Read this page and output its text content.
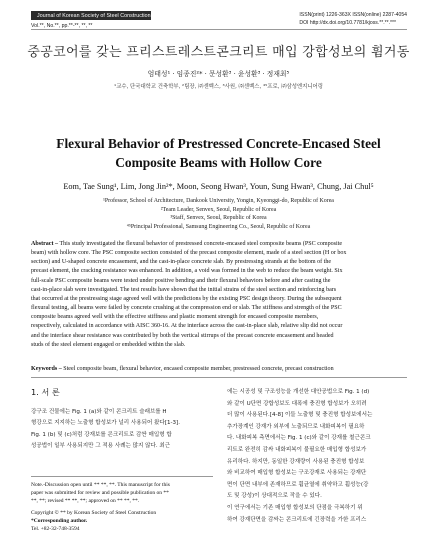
Journal of Korean Society of Steel Construction
Vol.**, No.**, pp.**-**, **, **
ISSN(print) 1226-363X ISSN(online) 2287-4054
DOI http://dx.doi.org/10.7781/kjoss.**.**.***
중공코어를 갖는 프리스트레스트콘크리트 매입 강합성보의 휨거동
엄태성¹ · 임종진²* · 문성환³ · 윤성환³ · 정재최⁵
¹교수, 단국대학교 건축학부, ²팀장, ㈜센벡스, ³사원, ㈜센벡스, ⁴⁵프로, ㈜삼성엔지니어링
Flexural Behavior of Prestressed Concrete-Encased Steel Composite Beams with Hollow Core
Eom, Tae Sung¹, Lim, Jong Jin²*, Moon, Seong Hwan³, Youn, Sung Hwan³, Chung, Jai Chul⁵
¹Professor, School of Architecture, Dankook University, Yongin, Kyeonggi-do, Republic of Korea
²Team Leader, Senvex, Seoul, Republic of Korea
³Staff, Senvex, Seoul, Republic of Korea
⁴⁵Principal Professional, Samsung Engineering Co., Seoul, Republic of Korea
Abstract – This study investigated the flexural behavior of prestressed concrete-encased steel composite beams (PSC composite
beam) with hollow core. The PSC composite section consisted of the precast composite element, made of a steel section (H or box
section) and U-shaped concrete encasement, and the cast-in-place concrete slab. By prestressing strands at the bottom of the
precast element, the cracking resistance was enhanced. In addition, a void was formed in the web to reduce the beam weight. Six
full-scale PSC composite beams were tested under positive bending and their flexural behaviors before and after casting the
cast-in-place slab were investigated. The test results have shown that the initial strains of the steel section and reinforcing bars
that occurred at the prestressing stage agreed well with the predictions by the existing PSC design theory. During the subsequent
flexural testing, all beams were failed by concrete crushing at the compression end or slab. The stiffness and strength of the PSC
composite beams agreed well with the effective stiffness and plastic moment strength for encased composite members,
respectively, calculated in accordance with AISC 360-16. At the interface across the cast-in-place slab, relative slip did not occur
and the interface shear resistance was contributed by both the vertical stirrups of the precast concrete encasement and headed
studs of the steel element engaged or embedded within the slab.
Keywords – Steel composite beam, flexural behavior, encased composite member, prestressed concrete, precast construction
1. 서 론
강구조 건물에는 Fig. 1 (a)와 같이 콘크리트 슬래브를 H
형강으로 지지하는 노출형 합성보가 널리 사용되어 왔다[1-3].
Fig. 1 (b) 및 (c)처럼 강재보를 콘크리트로 감싼 매입형 합
성공법이 일부 사용되지만 그 적용 사례는 많지 않다. 최근
에는 시공성 및 구조성능을 개선한 대안공법으로 Fig. 1 (d)
와 같이 U단면 강합성보도 대폭에 충진형 합성보가 오히려
더 많이 사용된다.[4-8] 이들 노출형 및 충진형 합성보에서는
추가장계인 강재가 외부에 노출되므로 내화피복이 필요하
다. 내화피복 측면에서는 Fig. 1 (c)와 같이 강재를 철근콘크
리트로 완전히 감싸 내화피복이 불필요한 매입형 합성보가
유리하다. 하지만, 동일한 강재량이 사용된 충진형 합성보
와 비교하여 매입형 합성보는 구조강재로 사용되는 강재단
면이 단면 내부에 존재하므로 휨균열에 취약하고 휨성능(강
도 및 강성)이 상대적으로 작을 수 있다.
이 연구에서는 기존 매입형 합성보의 단점을 극복하기 위
하여 강재단면을 감싸는 콘크리트에 긴장력을 가한 프리스
Note.-Discussion open until ** **, **. This manuscript for this
paper was submitted for review and possible publication on **
**, **; revised ** **, **; approved on ** **, **.
Copyright © ** by Korean Society of Steel Construction
*Corresponding author.
Tel. +82-32-748-3594
